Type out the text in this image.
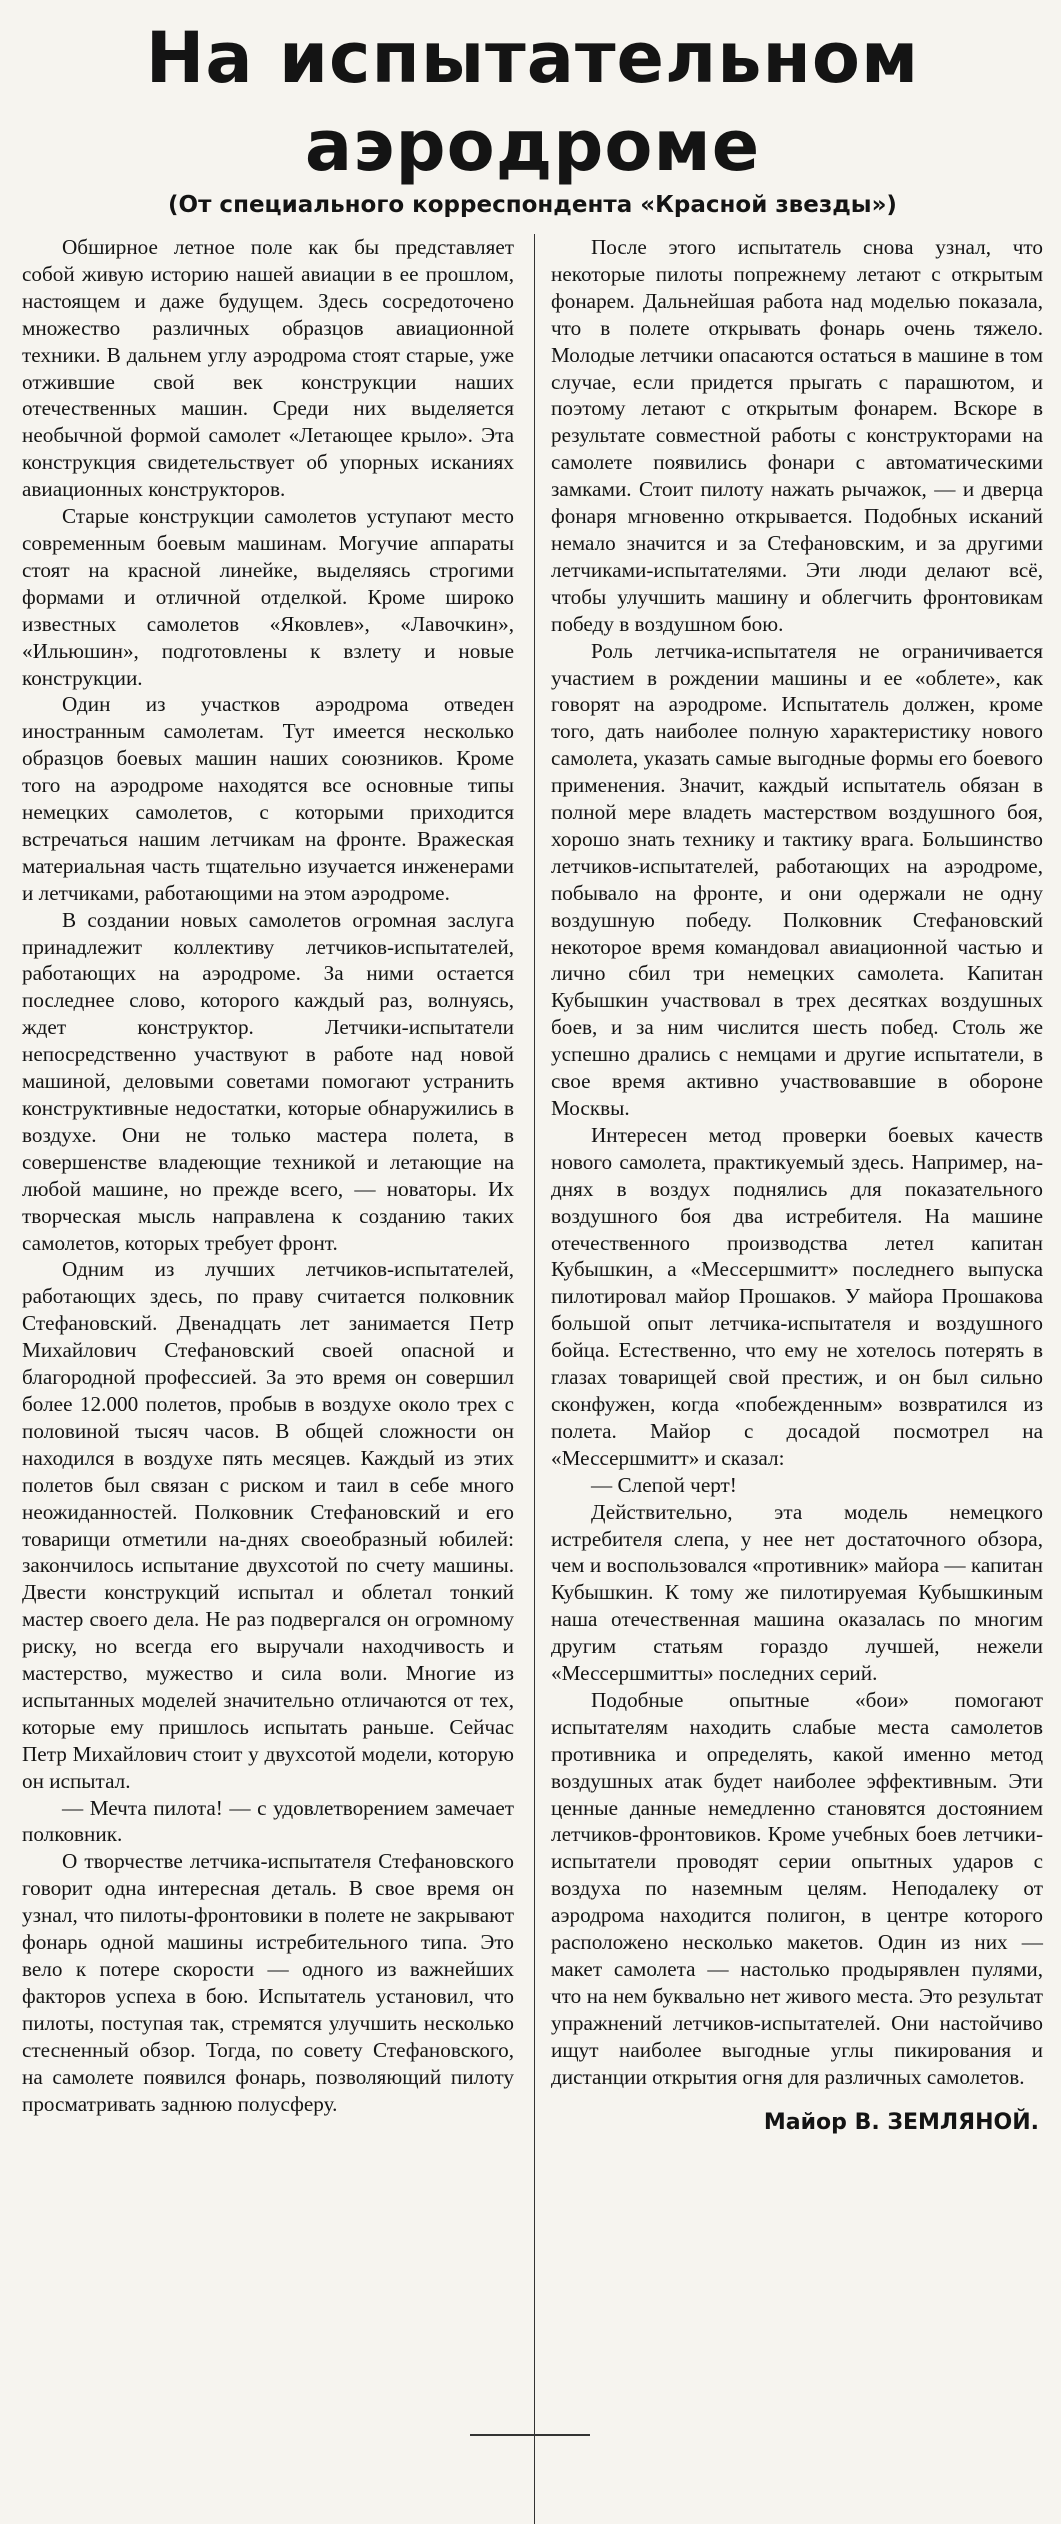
На испытательном аэродроме
(От специального корреспондента «Красной звезды»)

Обширное летное поле как бы представляет собой живую историю нашей авиации в ее прошлом, настоящем и даже будущем. Здесь сосредоточено множество различных образцов авиационной техники. В дальнем углу аэродрома стоят старые, уже отжившие свой век конструкции наших отечественных машин. Среди них выделяется необычной формой самолет «Летающее крыло». Эта конструкция свидетельствует об упорных исканиях авиационных конструкторов.

Старые конструкции самолетов уступают место современным боевым машинам. Могучие аппараты стоят на красной линейке, выделяясь строгими формами и отличной отделкой. Кроме широко известных самолетов «Яковлев», «Лавочкин», «Ильюшин», подготовлены к взлету и новые конструкции.

Один из участков аэродрома отведен иностранным самолетам. Тут имеется несколько образцов боевых машин наших союзников. Кроме того на аэродроме находятся все основные типы немецких самолетов, с которыми приходится встречаться нашим летчикам на фронте. Вражеская материальная часть тщательно изучается инженерами и летчиками, работающими на этом аэродроме.

В создании новых самолетов огромная заслуга принадлежит коллективу летчиков-испытателей, работающих на аэродроме. За ними остается последнее слово, которого каждый раз, волнуясь, ждет конструктор. Летчики-испытатели непосредственно участвуют в работе над новой машиной, деловыми советами помогают устранить конструктивные недостатки, которые обнаружились в воздухе. Они не только мастера полета, в совершенстве владеющие техникой и летающие на любой машине, но прежде всего, — новаторы. Их творческая мысль направлена к созданию таких самолетов, которых требует фронт.

Одним из лучших летчиков-испытателей, работающих здесь, по праву считается полковник Стефановский. Двенадцать лет занимается Петр Михайлович Стефановский своей опасной и благородной профессией. За это время он совершил более 12.000 полетов, пробыв в воздухе около трех с половиной тысяч часов. В общей сложности он находился в воздухе пять месяцев. Каждый из этих полетов был связан с риском и таил в себе много неожиданностей. Полковник Стефановский и его товарищи отметили на-днях своеобразный юбилей: закончилось испытание двухсотой по счету машины. Двести конструкций испытал и облетал тонкий мастер своего дела. Не раз подвергался он огромному риску, но всегда его выручали находчивость и мастерство, мужество и сила воли. Многие из испытанных моделей значительно отличаются от тех, которые ему пришлось испытать раньше. Сейчас Петр Михайлович стоит у двухсотой модели, которую он испытал.

— Мечта пилота! — с удовлетворением замечает полковник.

О творчестве летчика-испытателя Стефановского говорит одна интересная деталь. В свое время он узнал, что пилоты-фронтовики в полете не закрывают фонарь одной машины истребительного типа. Это вело к потере скорости — одного из важнейших факторов успеха в бою. Испытатель установил, что пилоты, поступая так, стремятся улучшить несколько стесненный обзор. Тогда, по совету Стефановского, на самолете появился фонарь, позволяющий пилоту просматривать заднюю полусферу.

После этого испытатель снова узнал, что некоторые пилоты попрежнему летают с открытым фонарем. Дальнейшая работа над моделью показала, что в полете открывать фонарь очень тяжело. Молодые летчики опасаются остаться в машине в том случае, если придется прыгать с парашютом, и поэтому летают с открытым фонарем. Вскоре в результате совместной работы с конструкторами на самолете появились фонари с автоматическими замками. Стоит пилоту нажать рычажок, — и дверца фонаря мгновенно открывается. Подобных исканий немало значится и за Стефановским, и за другими летчиками-испытателями. Эти люди делают всё, чтобы улучшить машину и облегчить фронтовикам победу в воздушном бою.

Роль летчика-испытателя не ограничивается участием в рождении машины и ее «облете», как говорят на аэродроме. Испытатель должен, кроме того, дать наиболее полную характеристику нового самолета, указать самые выгодные формы его боевого применения. Значит, каждый испытатель обязан в полной мере владеть мастерством воздушного боя, хорошо знать технику и тактику врага. Большинство летчиков-испытателей, работающих на аэродроме, побывало на фронте, и они одержали не одну воздушную победу. Полковник Стефановский некоторое время командовал авиационной частью и лично сбил три немецких самолета. Капитан Кубышкин участвовал в трех десятках воздушных боев, и за ним числится шесть побед. Столь же успешно дрались с немцами и другие испытатели, в свое время активно участвовавшие в обороне Москвы.

Интересен метод проверки боевых качеств нового самолета, практикуемый здесь. Например, на-днях в воздух поднялись для показательного воздушного боя два истребителя. На машине отечественного производства летел капитан Кубышкин, а «Мессершмитт» последнего выпуска пилотировал майор Прошаков. У майора Прошакова большой опыт летчика-испытателя и воздушного бойца. Естественно, что ему не хотелось потерять в глазах товарищей свой престиж, и он был сильно сконфужен, когда «побежденным» возвратился из полета. Майор с досадой посмотрел на «Мессершмитт» и сказал:

— Слепой черт!

Действительно, эта модель немецкого истребителя слепа, у нее нет достаточного обзора, чем и воспользовался «противник» майора — капитан Кубышкин. К тому же пилотируемая Кубышкиным наша отечественная машина оказалась по многим другим статьям гораздо лучшей, нежели «Мессершмитты» последних серий.

Подобные опытные «бои» помогают испытателям находить слабые места самолетов противника и определять, какой именно метод воздушных атак будет наиболее эффективным. Эти ценные данные немедленно становятся достоянием летчиков-фронтовиков. Кроме учебных боев летчики-испытатели проводят серии опытных ударов с воздуха по наземным целям. Неподалеку от аэродрома находится полигон, в центре которого расположено несколько макетов. Один из них — макет самолета — настолько продырявлен пулями, что на нем буквально нет живого места. Это результат упражнений летчиков-испытателей. Они настойчиво ищут наиболее выгодные углы пикирования и дистанции открытия огня для различных самолетов.

Майор В. ЗЕМЛЯНОЙ.
